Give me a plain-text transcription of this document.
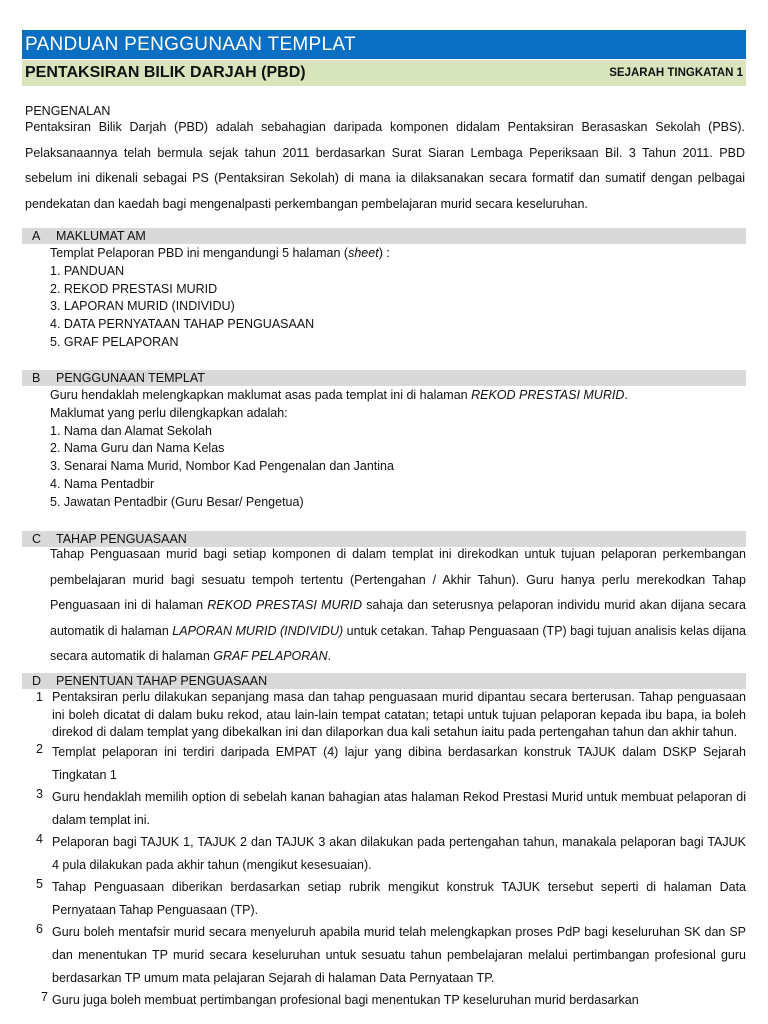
PANDUAN PENGGUNAAN TEMPLAT
PENTAKSIRAN BILIK DARJAH (PBD)	SEJARAH TINGKATAN 1
PENGENALAN
Pentaksiran Bilik Darjah (PBD) adalah sebahagian daripada komponen didalam Pentaksiran Berasaskan Sekolah (PBS). Pelaksanaannya telah bermula sejak tahun 2011 berdasarkan Surat Siaran Lembaga Peperiksaan Bil. 3 Tahun 2011. PBD sebelum ini dikenali sebagai PS (Pentaksiran Sekolah) di mana ia dilaksanakan secara formatif dan sumatif dengan pelbagai pendekatan dan kaedah bagi mengenalpasti perkembangan pembelajaran murid secara keseluruhan.
A MAKLUMAT AM
Templat Pelaporan PBD ini mengandungi 5 halaman (sheet) :
1. PANDUAN
2. REKOD PRESTASI MURID
3. LAPORAN MURID (INDIVIDU)
4. DATA PERNYATAAN TAHAP PENGUASAAN
5. GRAF PELAPORAN
B PENGGUNAAN TEMPLAT
Guru hendaklah melengkapkan maklumat asas pada templat ini di halaman REKOD PRESTASI MURID.
Maklumat yang perlu dilengkapkan adalah:
1. Nama dan Alamat Sekolah
2. Nama Guru dan Nama Kelas
3. Senarai Nama Murid, Nombor Kad Pengenalan dan Jantina
4. Nama Pentadbir
5. Jawatan Pentadbir (Guru Besar/ Pengetua)
C TAHAP PENGUASAAN
Tahap Penguasaan murid bagi setiap komponen di dalam templat ini direkodkan untuk tujuan pelaporan perkembangan pembelajaran murid bagi sesuatu tempoh tertentu (Pertengahan / Akhir Tahun). Guru hanya perlu merekodkan Tahap Penguasaan ini di halaman REKOD PRESTASI MURID sahaja dan seterusnya pelaporan individu murid akan dijana secara automatik di halaman LAPORAN MURID (INDIVIDU) untuk cetakan. Tahap Penguasaan (TP) bagi tujuan analisis kelas dijana secara automatik di halaman GRAF PELAPORAN.
D PENENTUAN TAHAP PENGUASAAN
1 Pentaksiran perlu dilakukan sepanjang masa dan tahap penguasaan murid dipantau secara berterusan. Tahap penguasaan ini boleh dicatat di dalam buku rekod, atau lain-lain tempat catatan; tetapi untuk tujuan pelaporan kepada ibu bapa, ia boleh direkod di dalam templat yang dibekalkan ini dan dilaporkan dua kali setahun iaitu pada pertengahan tahun dan akhir tahun.
2 Templat pelaporan ini terdiri daripada EMPAT (4) lajur yang dibina berdasarkan konstruk TAJUK dalam DSKP Sejarah Tingkatan 1
3 Guru hendaklah memilih option di sebelah kanan bahagian atas halaman Rekod Prestasi Murid untuk membuat pelaporan di dalam templat ini.
4 Pelaporan bagi TAJUK 1, TAJUK 2 dan TAJUK 3 akan dilakukan pada pertengahan tahun, manakala pelaporan bagi TAJUK 4 pula dilakukan pada akhir tahun (mengikut kesesuaian).
5 Tahap Penguasaan diberikan berdasarkan setiap rubrik mengikut konstruk TAJUK tersebut seperti di halaman Data Pernyataan Tahap Penguasaan (TP).
6 Guru boleh mentafsir murid secara menyeluruh apabila murid telah melengkapkan proses PdP bagi keseluruhan SK dan SP dan menentukan TP murid secara keseluruhan untuk sesuatu tahun pembelajaran melalui pertimbangan profesional guru berdasarkan TP umum mata pelajaran Sejarah di halaman Data Pernyataan TP.
7 Guru juga boleh membuat pertimbangan profesional bagi menentukan TP keseluruhan murid berdasarkan
